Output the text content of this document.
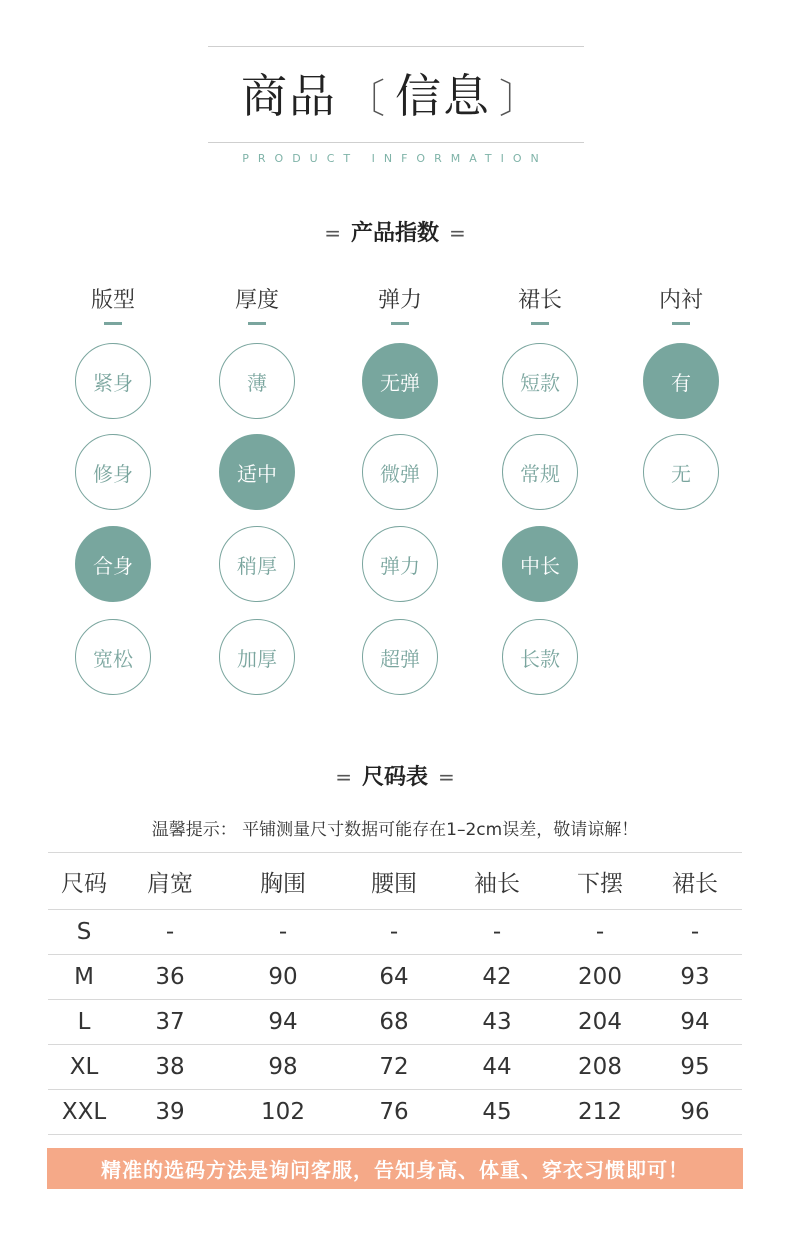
商品 〔 信息 〕
PRODUCT INFORMATION
= 产品指数 =
版型
紧身
修身
合身
宽松
厚度
薄
适中
稍厚
加厚
弹力
无弹
微弹
弹力
超弹
裙长
短款
常规
中长
长款
内衬
有
无
= 尺码表 =
温馨提示： 平铺测量尺寸数据可能存在1–2cm误差，敬请谅解！
尺码	肩宽	胸围	腰围	袖长	下摆	裙长
S	-	-	-	-	-	-
M	36	90	64	42	200	93
L	37	94	68	43	204	94
XL	38	98	72	44	208	95
XXL	39	102	76	45	212	96
精准的选码方法是询问客服，告知身高、体重、穿衣习惯即可！
